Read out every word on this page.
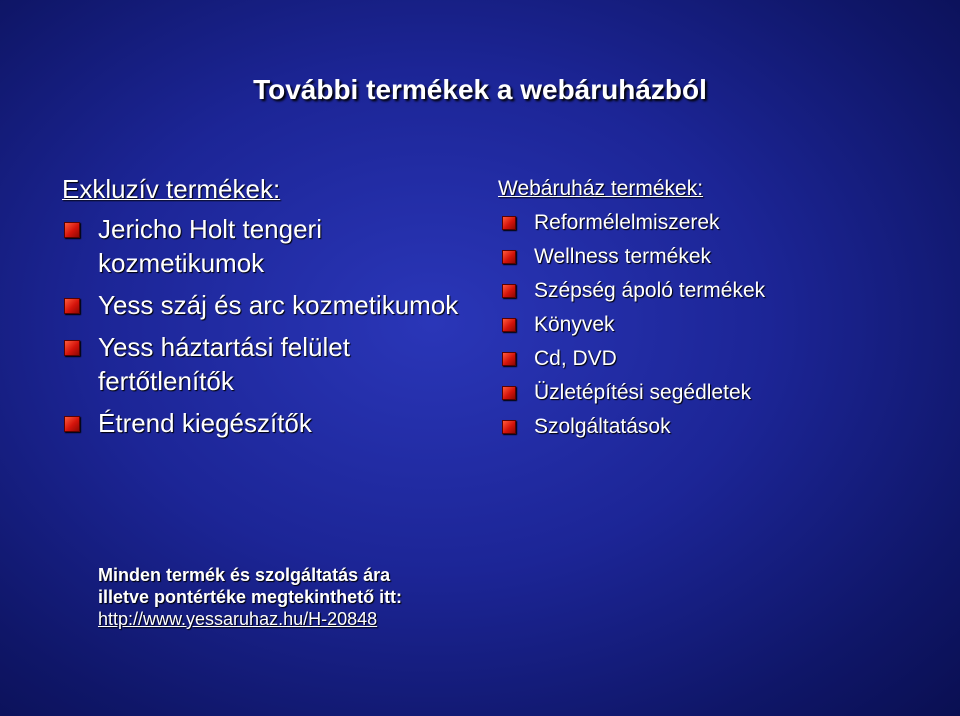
További termékek a webáruházból
Exkluzív termékek:
Jericho Holt tengeri kozmetikumok
Yess száj és arc kozmetikumok
Yess háztartási felület fertőtlenítők
Étrend kiegészítők
Webáruház termékek:
Reformélelmiszerek
Wellness termékek
Szépség ápoló termékek
Könyvek
Cd, DVD
Üzletépítési segédletek
Szolgáltatások
Minden termék és szolgáltatás ára
illetve pontértéke megtekinthető itt:
http://www.yessaruhaz.hu/H-20848
